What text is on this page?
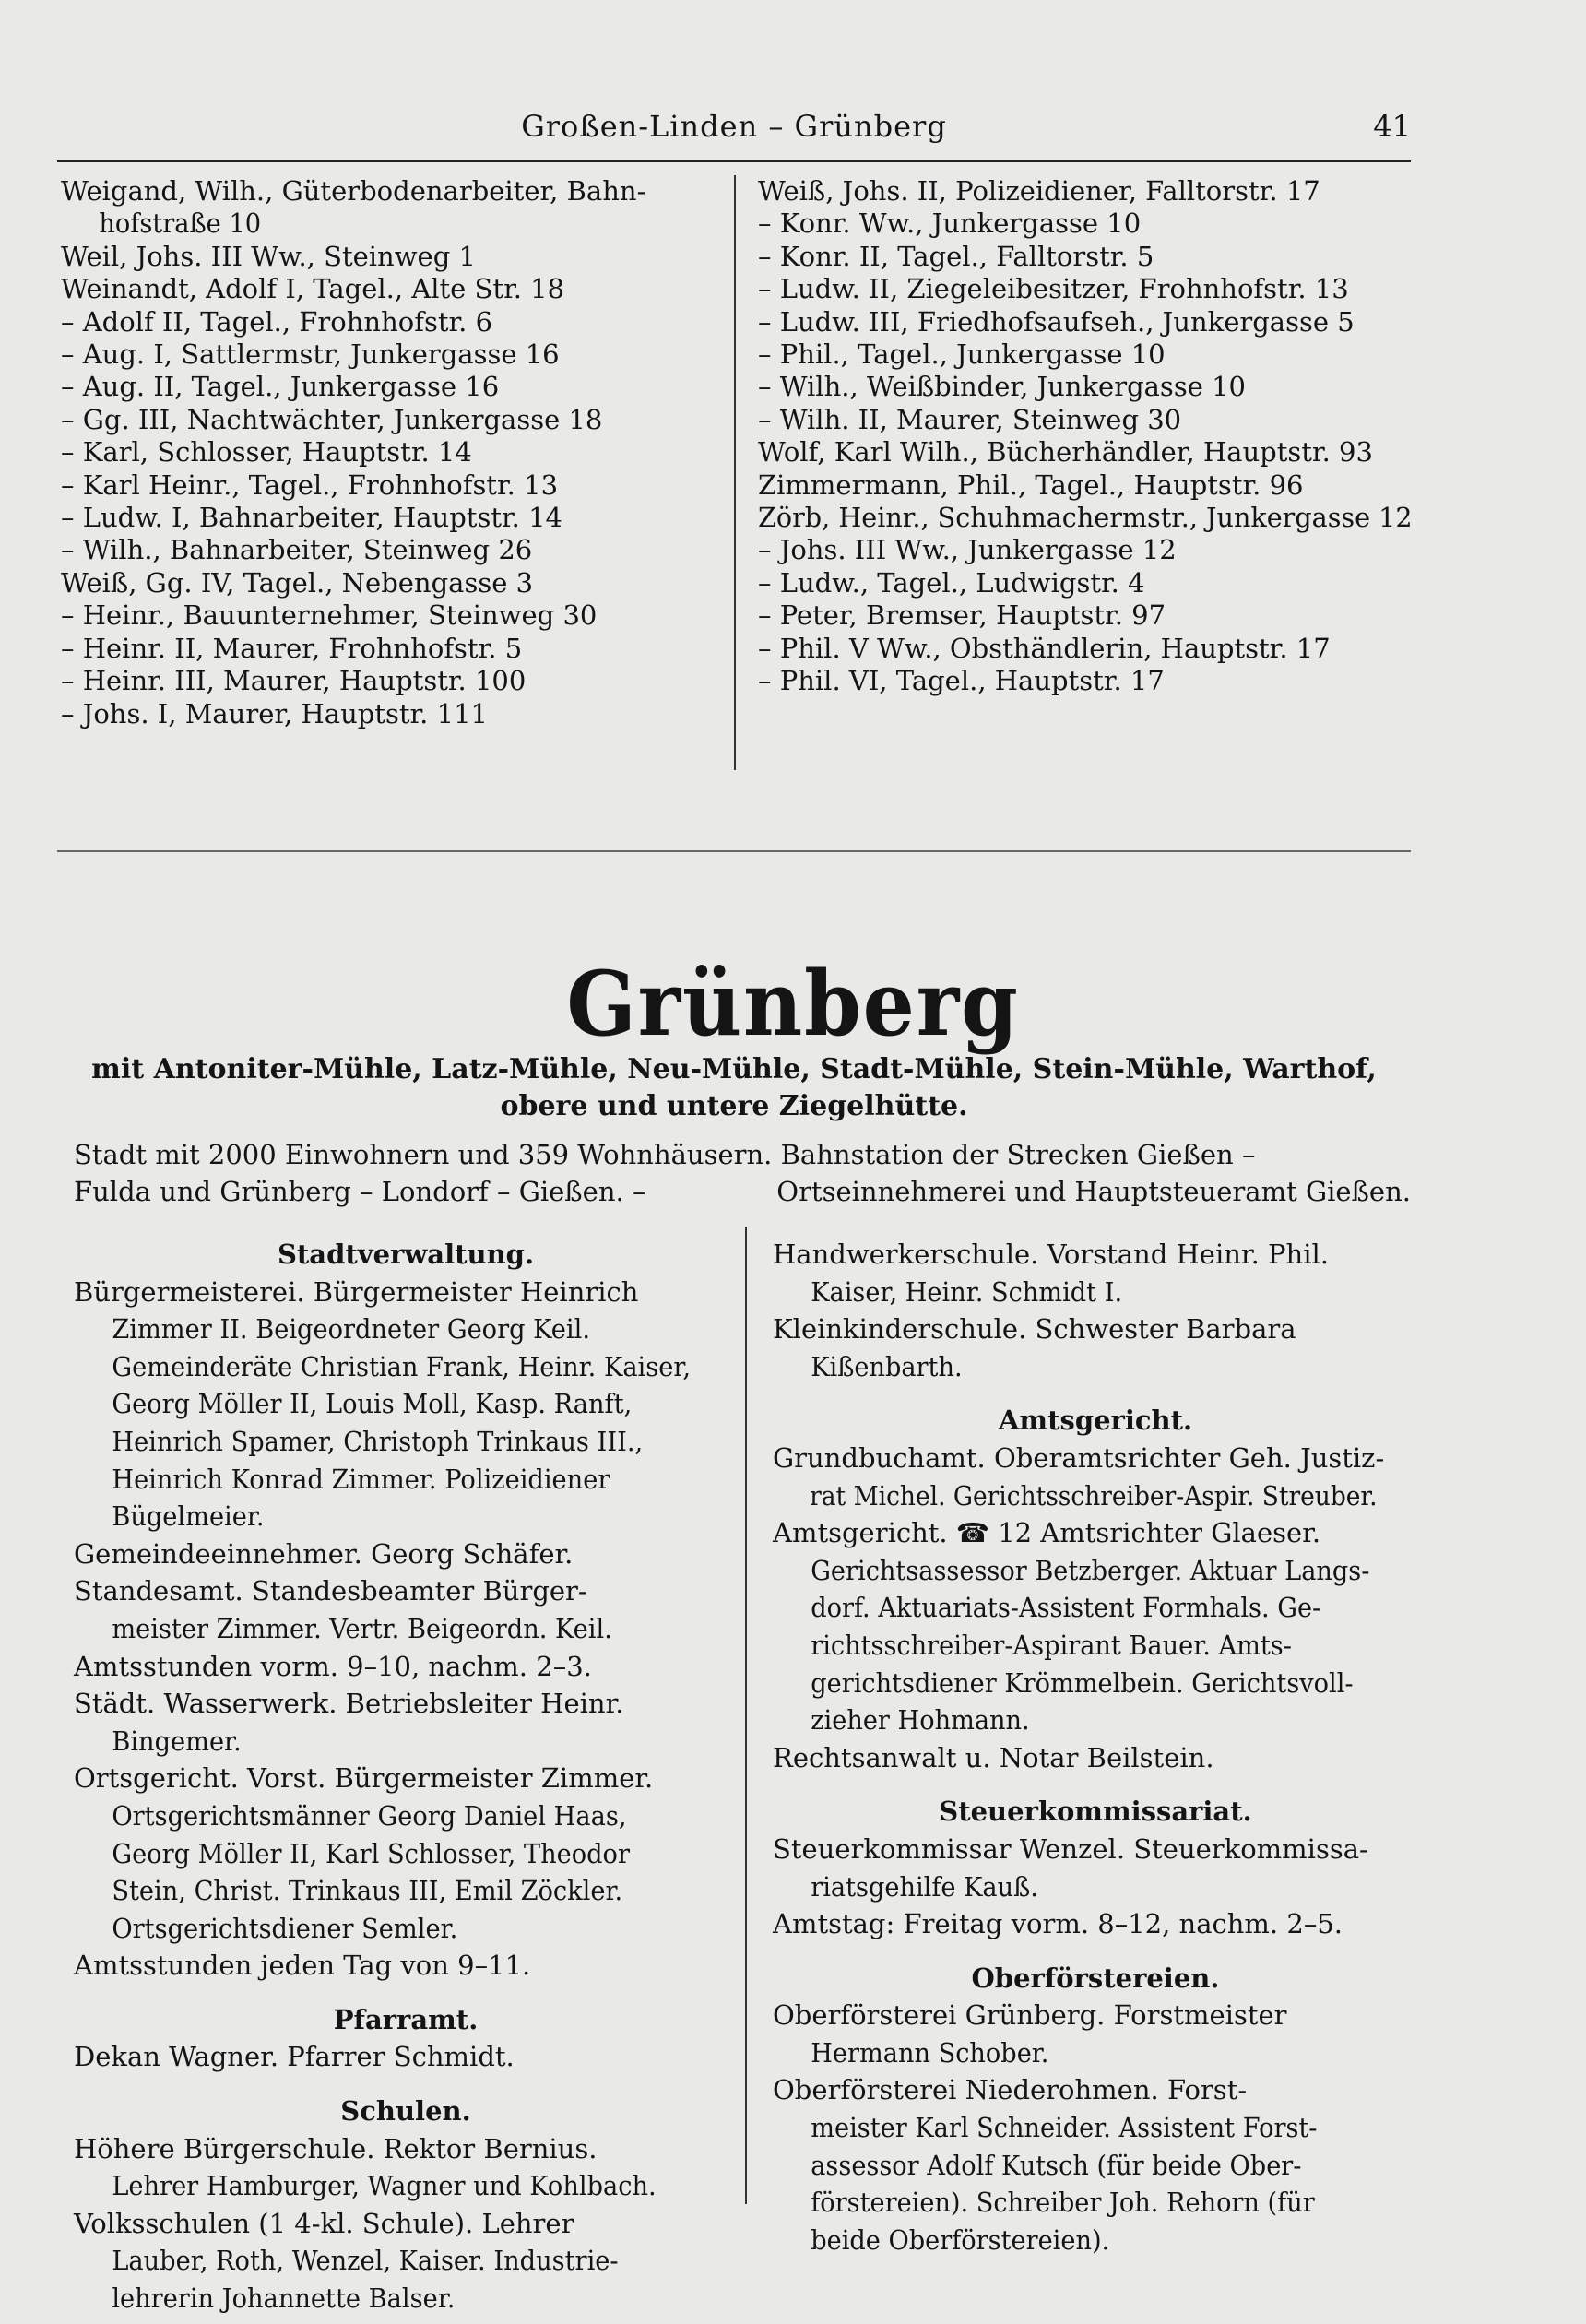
Großen-Linden – Grünberg	41
Weigand, Wilh., Güterbodenarbeiter, Bahn-
hofstraße 10
Weil, Johs. III Ww., Steinweg 1
Weinandt, Adolf I, Tagel., Alte Str. 18
– Adolf II, Tagel., Frohnhofstr. 6
– Aug. I, Sattlermstr, Junkergasse 16
– Aug. II, Tagel., Junkergasse 16
– Gg. III, Nachtwächter, Junkergasse 18
– Karl, Schlosser, Hauptstr. 14
– Karl Heinr., Tagel., Frohnhofstr. 13
– Ludw. I, Bahnarbeiter, Hauptstr. 14
– Wilh., Bahnarbeiter, Steinweg 26
Weiß, Gg. IV, Tagel., Nebengasse 3
– Heinr., Bauunternehmer, Steinweg 30
– Heinr. II, Maurer, Frohnhofstr. 5
– Heinr. III, Maurer, Hauptstr. 100
– Johs. I, Maurer, Hauptstr. 111
Weiß, Johs. II, Polizeidiener, Falltorstr. 17
– Konr. Ww., Junkergasse 10
– Konr. II, Tagel., Falltorstr. 5
– Ludw. II, Ziegeleibesitzer, Frohnhofstr. 13
– Ludw. III, Friedhofsaufseh., Junkergasse 5
– Phil., Tagel., Junkergasse 10
– Wilh., Weißbinder, Junkergasse 10
– Wilh. II, Maurer, Steinweg 30
Wolf, Karl Wilh., Bücherhändler, Hauptstr. 93
Zimmermann, Phil., Tagel., Hauptstr. 96
Zörb, Heinr., Schuhmachermstr., Junkergasse 12
– Johs. III Ww., Junkergasse 12
– Ludw., Tagel., Ludwigstr. 4
– Peter, Bremser, Hauptstr. 97
– Phil. V Ww., Obsthändlerin, Hauptstr. 17
– Phil. VI, Tagel., Hauptstr. 17
Grünberg
mit Antoniter-Mühle, Latz-Mühle, Neu-Mühle, Stadt-Mühle, Stein-Mühle, Warthof,
obere und untere Ziegelhütte.
Stadt mit 2000 Einwohnern und 359 Wohnhäusern. Bahnstation der Strecken Gießen –
Fulda und Grünberg – Londorf – Gießen. –	Ortseinnehmerei und Hauptsteueramt Gießen.
Stadtverwaltung.
Bürgermeisterei. Bürgermeister Heinrich
Zimmer II. Beigeordneter Georg Keil.
Gemeinderäte Christian Frank, Heinr. Kaiser,
Georg Möller II, Louis Moll, Kasp. Ranft,
Heinrich Spamer, Christoph Trinkaus III.,
Heinrich Konrad Zimmer. Polizeidiener
Bügelmeier.
Gemeindeeinnehmer. Georg Schäfer.
Standesamt. Standesbeamter Bürger-
meister Zimmer. Vertr. Beigeordn. Keil.
Amtsstunden vorm. 9–10, nachm. 2–3.
Städt. Wasserwerk. Betriebsleiter Heinr.
Bingemer.
Ortsgericht. Vorst. Bürgermeister Zimmer.
Ortsgerichtsmänner Georg Daniel Haas,
Georg Möller II, Karl Schlosser, Theodor
Stein, Christ. Trinkaus III, Emil Zöckler.
Ortsgerichtsdiener Semler.
Amtsstunden jeden Tag von 9–11.
Pfarramt.
Dekan Wagner. Pfarrer Schmidt.
Schulen.
Höhere Bürgerschule. Rektor Bernius.
Lehrer Hamburger, Wagner und Kohlbach.
Volksschulen (1 4-kl. Schule). Lehrer
Lauber, Roth, Wenzel, Kaiser. Industrie-
lehrerin Johannette Balser.
Handwerkerschule. Vorstand Heinr. Phil.
Kaiser, Heinr. Schmidt I.
Kleinkinderschule. Schwester Barbara
Kißenbarth.
Amtsgericht.
Grundbuchamt. Oberamtsrichter Geh. Justiz-
rat Michel. Gerichtsschreiber-Aspir. Streuber.
Amtsgericht. ☎ 12 Amtsrichter Glaeser.
Gerichtsassessor Betzberger. Aktuar Langs-
dorf. Aktuariats-Assistent Formhals. Ge-
richtsschreiber-Aspirant Bauer. Amts-
gerichtsdiener Krömmelbein. Gerichtsvoll-
zieher Hohmann.
Rechtsanwalt u. Notar Beilstein.
Steuerkommissariat.
Steuerkommissar Wenzel. Steuerkommissa-
riatsgehilfe Kauß.
Amtstag: Freitag vorm. 8–12, nachm. 2–5.
Oberförstereien.
Oberförsterei Grünberg. Forstmeister
Hermann Schober.
Oberförsterei Niederohmen. Forst-
meister Karl Schneider. Assistent Forst-
assessor Adolf Kutsch (für beide Ober-
förstereien). Schreiber Joh. Rehorn (für
beide Oberförstereien).
